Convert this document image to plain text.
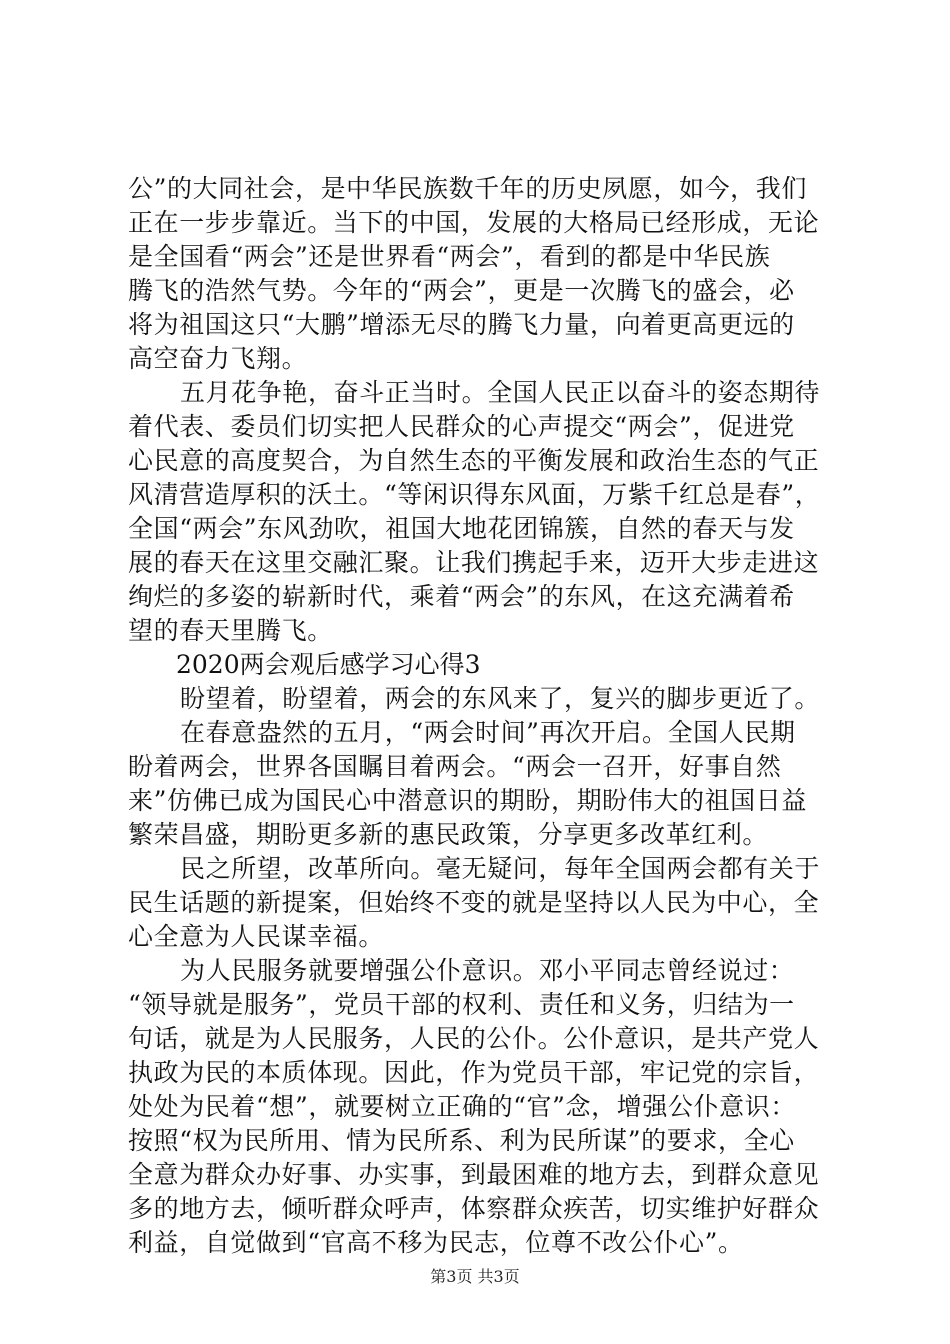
公”的大同社会，是中华民族数千年的历史夙愿，如今，我们
正在一步步靠近。当下的中国，发展的大格局已经形成，无论
是全国看“两会”还是世界看“两会”，看到的都是中华民族
腾飞的浩然气势。今年的“两会”，更是一次腾飞的盛会，必
将为祖国这只“大鹏”增添无尽的腾飞力量，向着更高更远的
高空奋力飞翔。
五月花争艳，奋斗正当时。全国人民正以奋斗的姿态期待
着代表、委员们切实把人民群众的心声提交“两会”，促进党
心民意的高度契合，为自然生态的平衡发展和政治生态的气正
风清营造厚积的沃土。“等闲识得东风面，万紫千红总是春”，
全国“两会”东风劲吹，祖国大地花团锦簇，自然的春天与发
展的春天在这里交融汇聚。让我们携起手来，迈开大步走进这
绚烂的多姿的崭新时代，乘着“两会”的东风，在这充满着希
望的春天里腾飞。
2020两会观后感学习心得3
盼望着，盼望着，两会的东风来了，复兴的脚步更近了。
在春意盎然的五月，“两会时间”再次开启。全国人民期
盼着两会，世界各国瞩目着两会。“两会一召开，好事自然
来”仿佛已成为国民心中潜意识的期盼，期盼伟大的祖国日益
繁荣昌盛，期盼更多新的惠民政策，分享更多改革红利。
民之所望，改革所向。毫无疑问，每年全国两会都有关于
民生话题的新提案，但始终不变的就是坚持以人民为中心，全
心全意为人民谋幸福。
为人民服务就要增强公仆意识。邓小平同志曾经说过：
“领导就是服务”，党员干部的权利、责任和义务，归结为一
句话，就是为人民服务，人民的公仆。公仆意识，是共产党人
执政为民的本质体现。因此，作为党员干部，牢记党的宗旨，
处处为民着“想”，就要树立正确的“官”念，增强公仆意识：
按照“权为民所用、情为民所系、利为民所谋”的要求，全心
全意为群众办好事、办实事，到最困难的地方去，到群众意见
多的地方去，倾听群众呼声，体察群众疾苦，切实维护好群众
利益，自觉做到“官高不移为民志，位尊不改公仆心”。
第3页 共3页
